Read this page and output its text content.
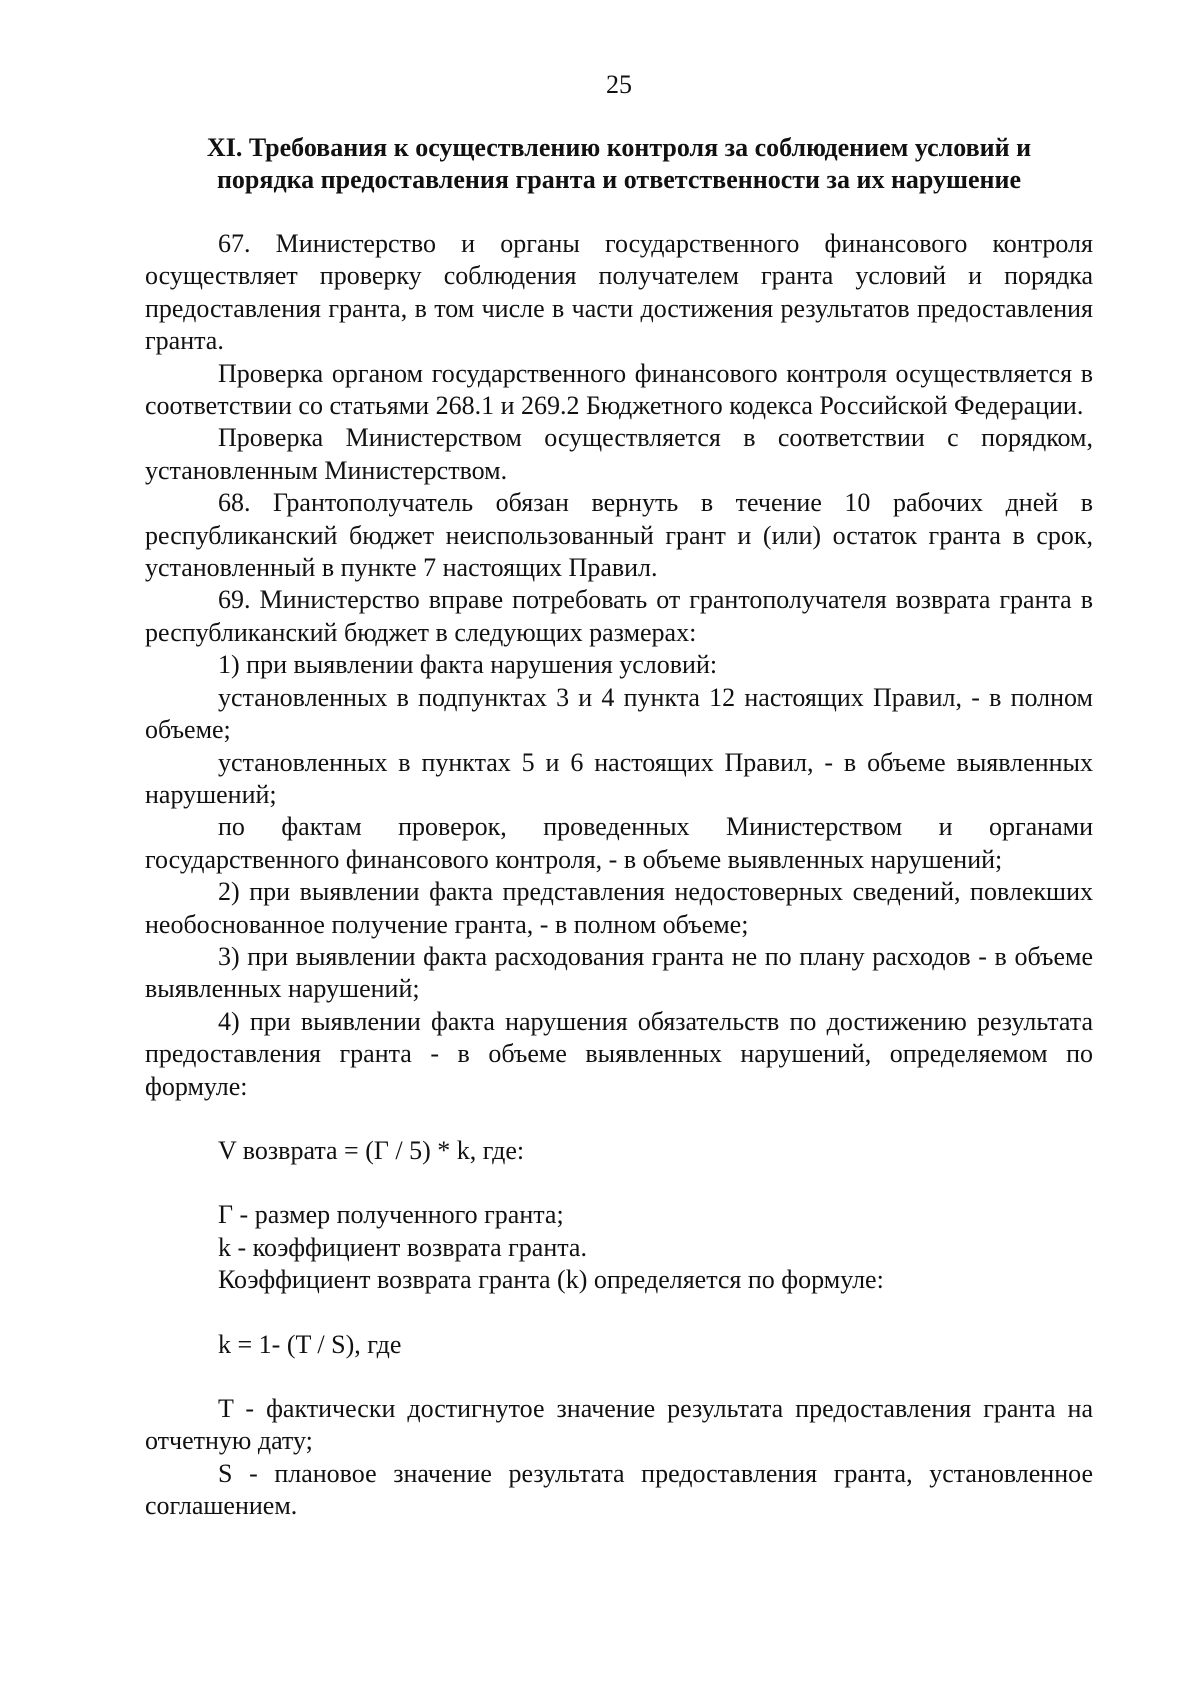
25
XI. Требования к осуществлению контроля за соблюдением условий и
порядка предоставления гранта и ответственности за их нарушение

67. Министерство и органы государственного финансового контроля осуществляет проверку соблюдения получателем гранта условий и порядка предоставления гранта, в том числе в части достижения результатов предоставления гранта.

Проверка органом государственного финансового контроля осуществляется в соответствии со статьями 268.1 и 269.2 Бюджетного кодекса Российской Федерации.

Проверка Министерством осуществляется в соответствии с порядком, установленным Министерством.

68. Грантополучатель обязан вернуть в течение 10 рабочих дней в республиканский бюджет неиспользованный грант и (или) остаток гранта в срок, установленный в пункте 7 настоящих Правил.

69. Министерство вправе потребовать от грантополучателя возврата гранта в республиканский бюджет в следующих размерах:

1) при выявлении факта нарушения условий:

установленных в подпунктах 3 и 4 пункта 12 настоящих Правил, - в полном объеме;

установленных в пунктах 5 и 6 настоящих Правил, - в объеме выявленных нарушений;

по фактам проверок, проведенных Министерством и органами государственного финансового контроля, - в объеме выявленных нарушений;

2) при выявлении факта представления недостоверных сведений, повлекших необоснованное получение гранта, - в полном объеме;

3) при выявлении факта расходования гранта не по плану расходов - в объеме выявленных нарушений;

4) при выявлении факта нарушения обязательств по достижению результата предоставления гранта - в объеме выявленных нарушений, определяемом по формуле:

V возврата = (Г / 5) * k, где:

Г - размер полученного гранта;

k - коэффициент возврата гранта.

Коэффициент возврата гранта (k) определяется по формуле:

k = 1- (T / S), где

T - фактически достигнутое значение результата предоставления гранта на отчетную дату;

S - плановое значение результата предоставления гранта, установленное соглашением.
